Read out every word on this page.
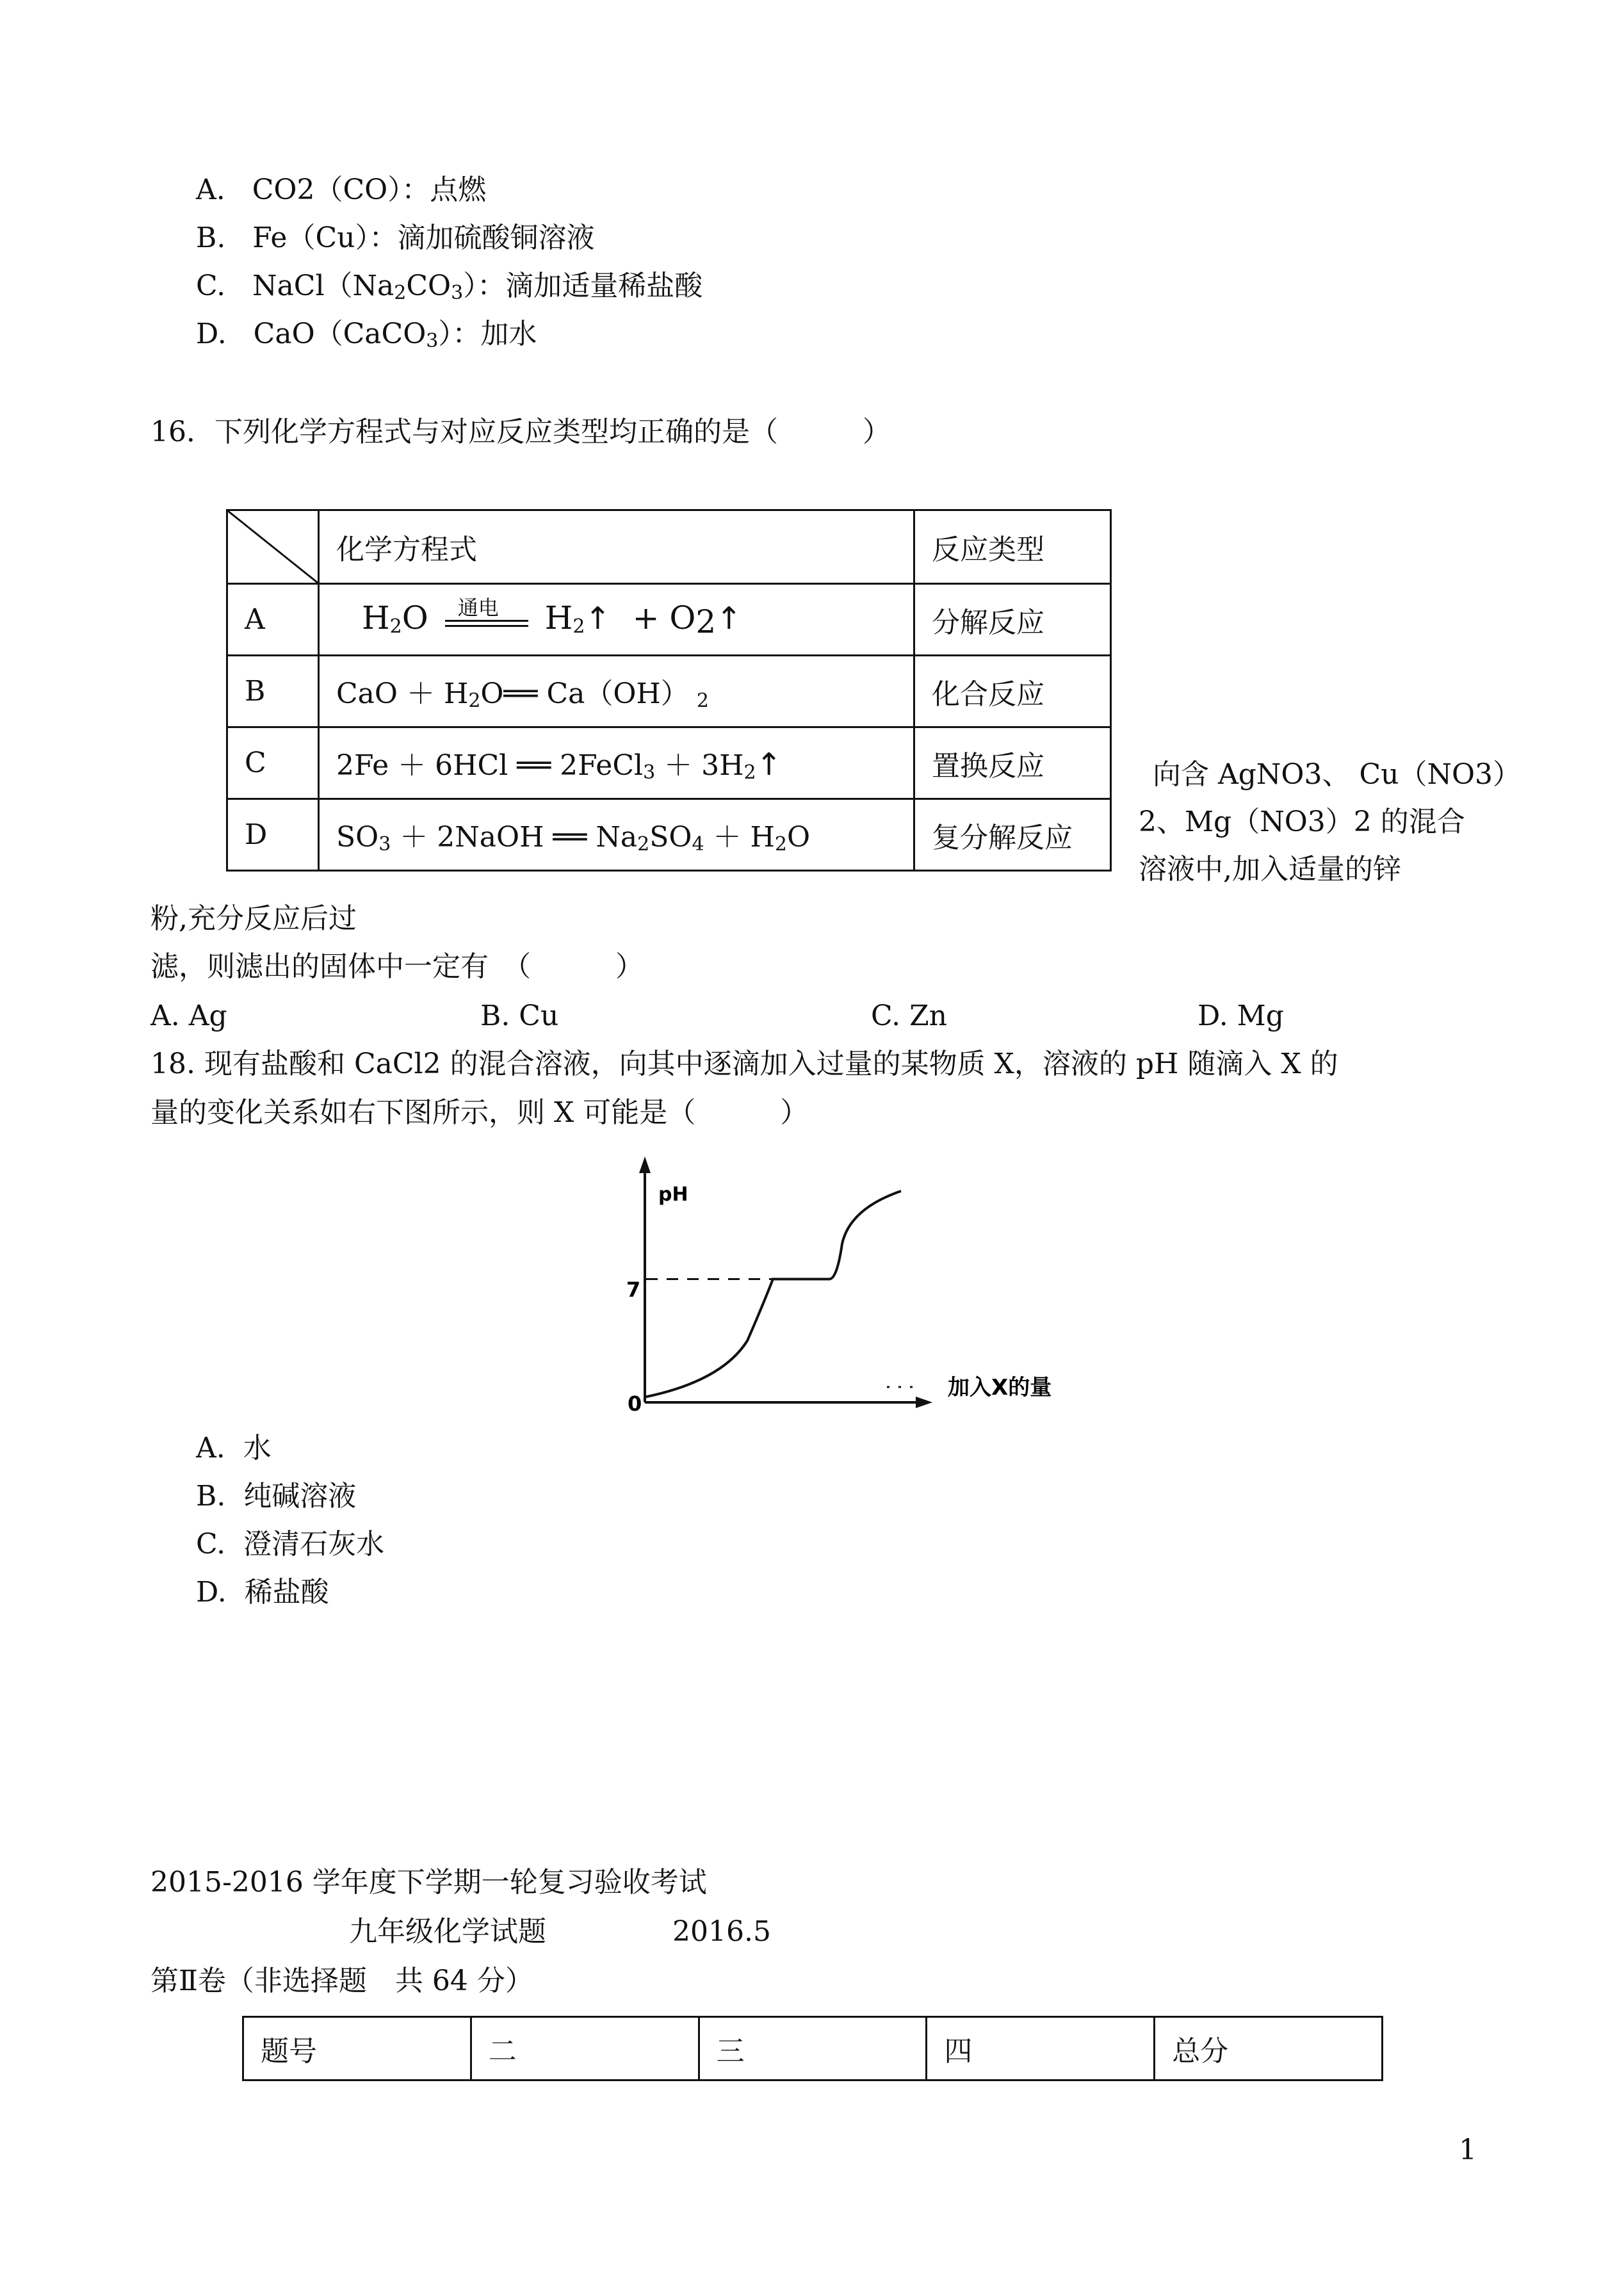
A. CO2（CO）：点燃
B. Fe（Cu）：滴加硫酸铜溶液
C. $NaCl(Na_2CO_3)$：滴加适量稀盐酸
D. CaO（CaCO$_3$）：加水
16．下列化学方程式与对应反应类型均正确的是（　　　）
	化学方程式	反应类型
A	$H_2O$ 通电 $H_2↑$ + $O_2↑$	分解反应
B	CaO ＋ $H_2O══$ Ca（OH） $_2$	化合反应
C	2Fe ＋ 6HCl ══ 2FeCl$_3$ ＋ $3H_2↑$	置换反应
D	$SO_3$ ＋ 2NaOH ══ $Na_2SO_4 + H_2O$	复分解反应
向含 AgNO3、 Cu（NO3）
2、Mg（NO3）2 的混合
溶液中,加入适量的锌
粉,充分反应后过
滤，则滤出的固体中一定有　（　　　）
A. Ag	B. Cu	C. Zn	D. Mg
18. 现有盐酸和 CaCl2 的混合溶液，向其中逐滴加入过量的某物质 X，溶液的 pH 随滴入 X 的
量的变化关系如右下图所示，则 X 可能是（　　　）
pH
7
0
加入X的量
A. 水
B. 纯碱溶液
C. 澄清石灰水
D. 稀盐酸
2015-2016 学年度下学期一轮复习验收考试
九年级化学试题	2016.5
第Ⅱ卷（非选择题　共 64 分）
题号	二	三	四	总分
1
